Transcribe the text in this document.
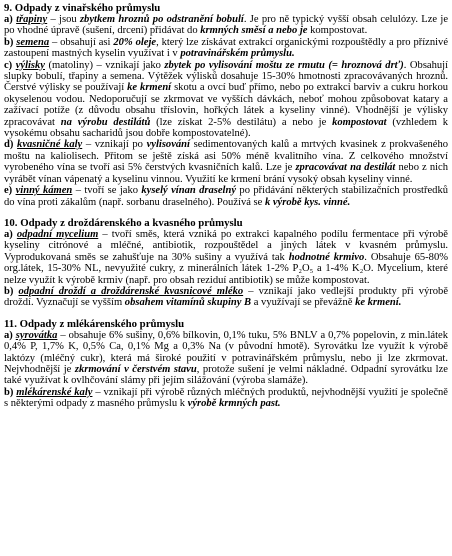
9. Odpady z vinařského průmyslu

a) třapiny – jsou zbytkem hroznů po odstranění bobulí. Je pro ně typický vyšší obsah celulózy. Lze je po vhodné úpravě (sušení, drcení) přidávat do krmných směsí a nebo je kompostovat.

b) semena – obsahují asi 20% oleje, který lze získávat extrakcí organickými rozpouštědly a pro příznivé zastoupení mastných kyselin využívat i v potravinářském průmyslu.

c) výlisky (matoliny) – vznikají jako zbytek po vylisování moštu ze rmutu (= hroznová drť). Obsahují slupky bobulí, třapiny a semena. Výtěžek výlisků dosahuje 15-30% hmotnosti zpracovávaných hroznů. Čerstvé výlisky se používají ke krmení skotu a ovcí buď přímo, nebo po extrakci barviv a cukru horkou okyselenou vodou. Nedoporučují se zkrmovat ve vyšších dávkách, neboť mohou způsobovat katary a zažívací potíže (z důvodu obsahu tříslovin, hořkých látek a kyseliny vinné). Vhodnější je výlisky zpracovávat na výrobu destilátů (lze získat 2-5% destilátu) a nebo je kompostovat (vzhledem k vysokému obsahu sacharidů jsou dobře kompostovatelné).

d) kvasničné kaly – vznikají po vylisování sedimentovaných kalů a mrtvých kvasinek z prokvašeného moštu na kaliolisech. Přitom se ještě získá asi 50% méně kvalitního vína. Z celkového množství vyrobeného vína se tvoří asi 5% čerstvých kvasničních kalů. Lze je zpracovávat na destilát nebo z nich vyrábět vínan vápenatý a kyselinu vinnou. Využití ke krmení brání vysoký obsah kyseliny vinné.

e) vinný kámen – tvoří se jako kyselý vínan draselný po přidávání některých stabilizačních prostředků do vína proti zákalům (např. sorbanu draselného). Používá se k výrobě kys. vinné.

10. Odpady z droždárenského a kvasného průmyslu

a) odpadní mycelium – tvoří směs, která vzniká po extrakci kapalného podílu fermentace při výrobě kyseliny citrónové a mléčné, antibiotik, rozpouštědel a jiných látek v kvasném průmyslu. Vyprodukovaná směs se zahušťuje na 30% sušiny a využívá tak hodnotné krmivo. Obsahuje 65-80% org.látek, 15-30% NL, nevyužité cukry, z minerálních látek 1-2% P₂O₅ a 1-4% K₂O. Mycelium, které nelze využít k výrobě krmiv (např. pro obsah reziduí antibiotik) se může kompostovat.

b) odpadní droždí a droždárenské kvasnicové mléko – vznikají jako vedlejší produkty při výrobě droždí. Vyznačují se vyšším obsahem vitamínů skupiny B a využívají se převážně ke krmení.

11. Odpady z mlékárenského průmyslu

a) syrovátka – obsahuje 6% sušiny, 0,6% bílkovin, 0,1% tuku, 5% BNLV a 0,7% popelovin, z min.látek 0,4% P, 1,7% K, 0,5% Ca, 0,1% Mg a 0,3% Na (v původní hmotě). Syrovátku lze využít k výrobě laktózy (mléčný cukr), která má široké použití v potravinářském průmyslu, nebo ji lze zkrmovat. Nejvhodnější je zkrmování v čerstvém stavu, protože sušení je velmi nákladné. Odpadní syrovátku lze také využívat k ovlhčování slámy při jejím silážování (výroba slamáže).

b) mlékárenské kaly – vznikají při výrobě různých mléčných produktů, nejvhodnější využití je společně s některými odpady z masného průmyslu k výrobě krmných past.
